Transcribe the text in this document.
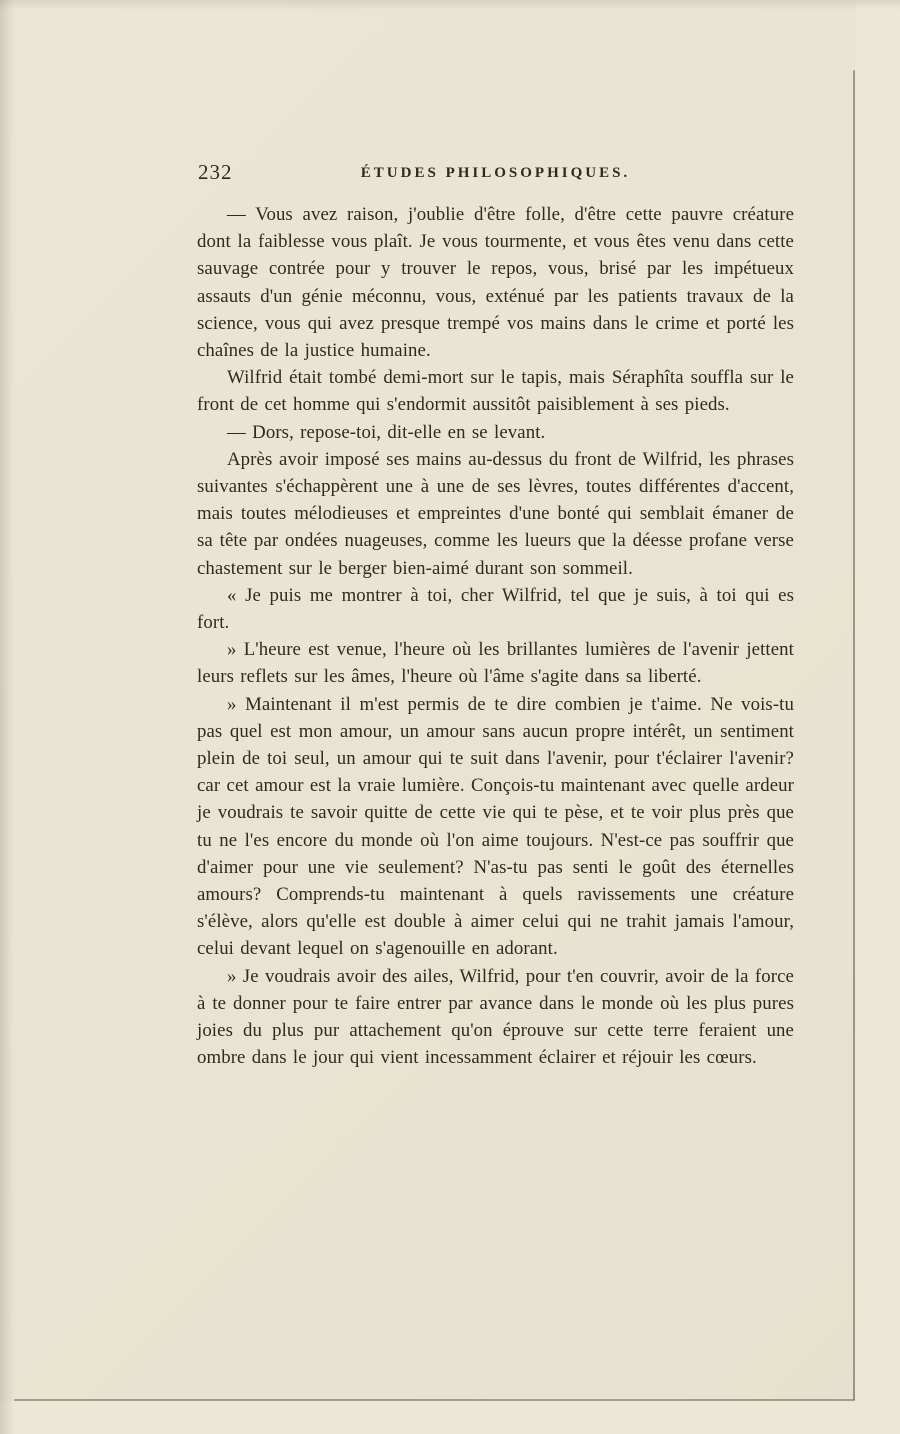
232	ÉTUDES PHILOSOPHIQUES.

— Vous avez raison, j'oublie d'être folle, d'être cette pauvre créature dont la faiblesse vous plaît. Je vous tourmente, et vous êtes venu dans cette sauvage contrée pour y trouver le repos, vous, brisé par les impétueux assauts d'un génie méconnu, vous, exténué par les patients travaux de la science, vous qui avez presque trempé vos mains dans le crime et porté les chaînes de la justice humaine.

Wilfrid était tombé demi-mort sur le tapis, mais Séraphîta souffla sur le front de cet homme qui s'endormit aussitôt paisiblement à ses pieds.

— Dors, repose-toi, dit-elle en se levant.

Après avoir imposé ses mains au-dessus du front de Wilfrid, les phrases suivantes s'échappèrent une à une de ses lèvres, toutes différentes d'accent, mais toutes mélodieuses et empreintes d'une bonté qui semblait émaner de sa tête par ondées nuageuses, comme les lueurs que la déesse profane verse chastement sur le berger bien-aimé durant son sommeil.

« Je puis me montrer à toi, cher Wilfrid, tel que je suis, à toi qui es fort.

» L'heure est venue, l'heure où les brillantes lumières de l'avenir jettent leurs reflets sur les âmes, l'heure où l'âme s'agite dans sa liberté.

» Maintenant il m'est permis de te dire combien je t'aime. Ne vois-tu pas quel est mon amour, un amour sans aucun propre intérêt, un sentiment plein de toi seul, un amour qui te suit dans l'avenir, pour t'éclairer l'avenir? car cet amour est la vraie lumière. Conçois-tu maintenant avec quelle ardeur je voudrais te savoir quitte de cette vie qui te pèse, et te voir plus près que tu ne l'es encore du monde où l'on aime toujours. N'est-ce pas souffrir que d'aimer pour une vie seulement? N'as-tu pas senti le goût des éternelles amours? Comprends-tu maintenant à quels ravissements une créature s'élève, alors qu'elle est double à aimer celui qui ne trahit jamais l'amour, celui devant lequel on s'agenouille en adorant.

» Je voudrais avoir des ailes, Wilfrid, pour t'en couvrir, avoir de la force à te donner pour te faire entrer par avance dans le monde où les plus pures joies du plus pur attachement qu'on éprouve sur cette terre feraient une ombre dans le jour qui vient incessamment éclairer et réjouir les cœurs.
